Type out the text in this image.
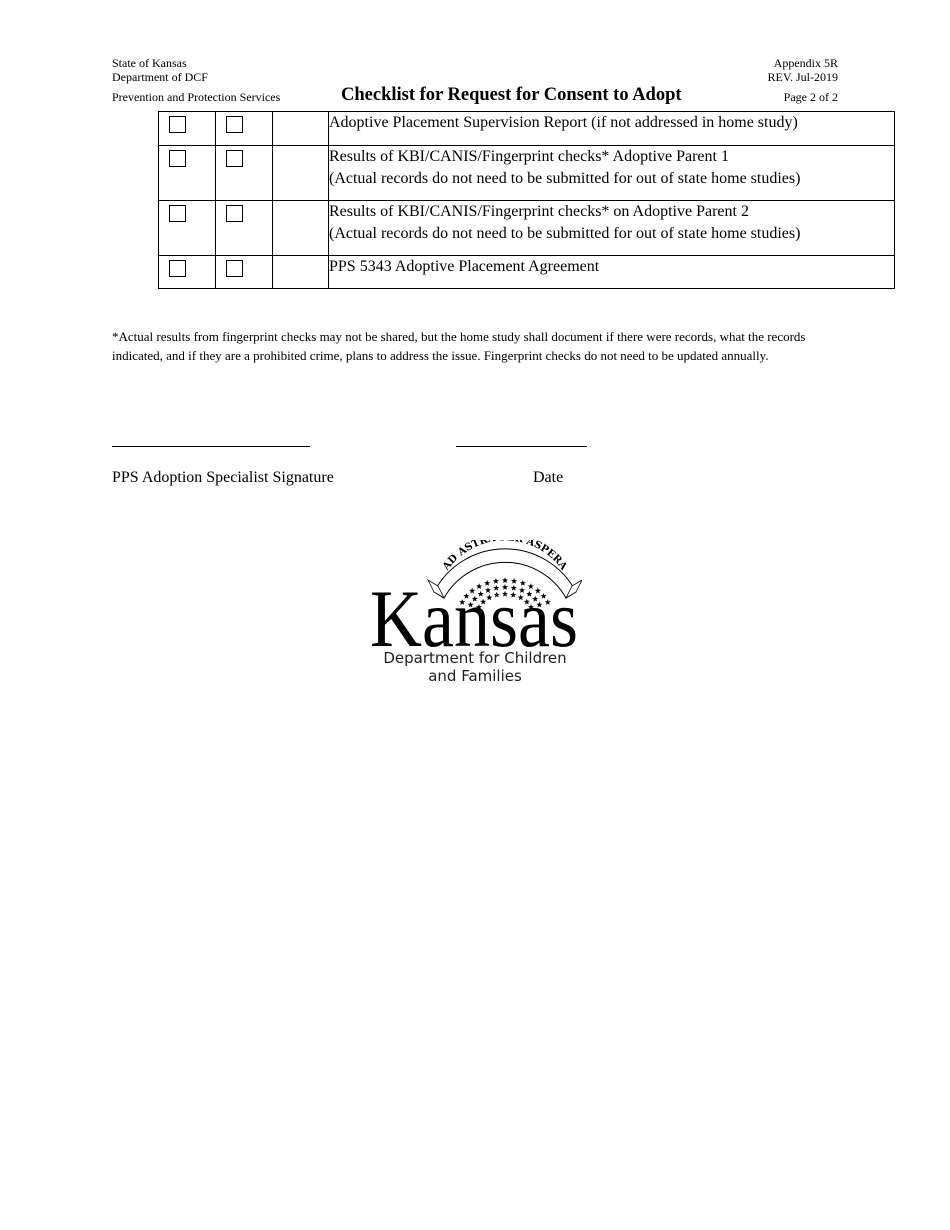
State of Kansas
Department of DCF
Prevention and Protection Services	Checklist for Request for Consent to Adopt
Appendix 5R
REV. Jul-2019
Page 2 of 2

			Adoptive Placement Supervision Report (if not addressed in home study)

			Results of KBI/CANIS/Fingerprint checks* Adoptive Parent 1
(Actual records do not need to be submitted for out of state home studies)

			Results of KBI/CANIS/Fingerprint checks* on Adoptive Parent 2
(Actual records do not need to be submitted for out of state home studies)

			PPS 5343 Adoptive Placement Agreement
*Actual results from fingerprint checks may not be shared, but the home study shall document if there were records, what the records indicated, and if they are a prohibited crime, plans to address the issue. Fingerprint checks do not need to be updated annually.
PPS Adoption Specialist Signature	Date
AD ASTR ASPERA
Kansas
Department for Children
and Families
